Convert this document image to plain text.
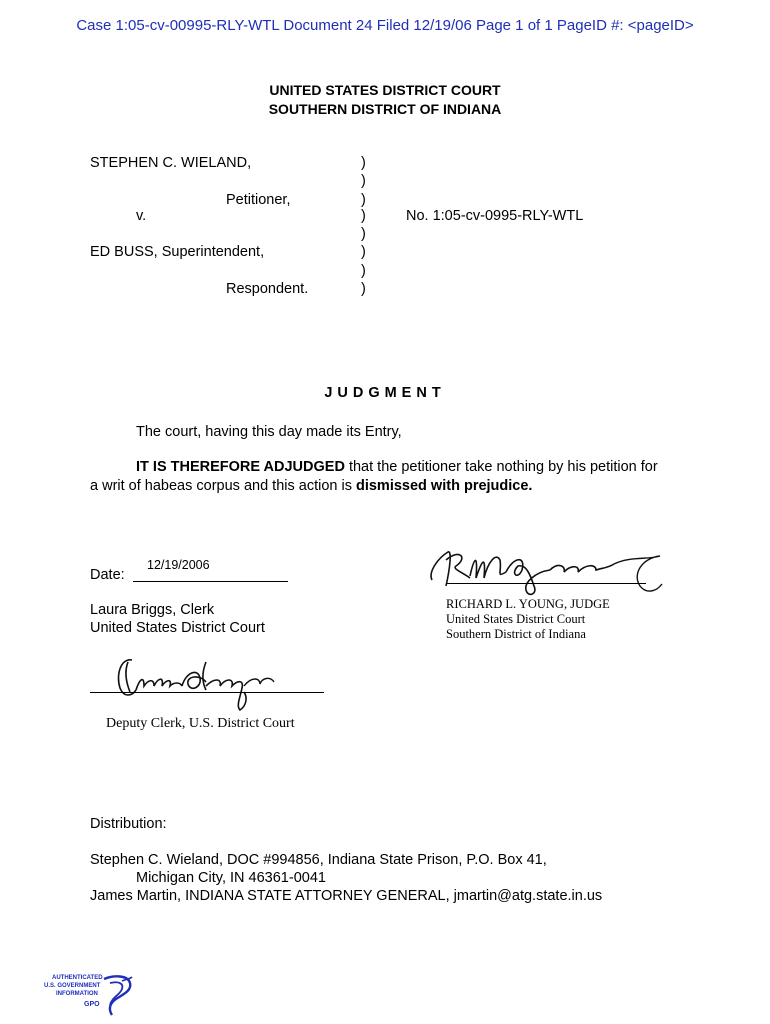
Case 1:05-cv-00995-RLY-WTL Document 24 Filed 12/19/06 Page 1 of 1 PageID #: <pageID>
UNITED STATES DISTRICT COURT
SOUTHERN DISTRICT OF INDIANA
STEPHEN C. WIELAND,
Petitioner,
v.
ED BUSS, Superintendent,
Respondent.
No. 1:05-cv-0995-RLY-WTL
)
)
)
)
)
)
)
)
JUDGMENT
The court, having this day made its Entry,
IT IS THEREFORE ADJUDGED that the petitioner take nothing by his petition for
a writ of habeas corpus and this action is dismissed with prejudice.
Date:
12/19/2006
RICHARD L. YOUNG, JUDGE
United States District Court
Southern District of Indiana
Laura Briggs, Clerk
United States District Court
Deputy Clerk, U.S. District Court
Distribution:
Stephen C. Wieland, DOC #994856, Indiana State Prison, P.O. Box 41,
Michigan City, IN 46361-0041
James Martin, INDIANA STATE ATTORNEY GENERAL, jmartin@atg.state.in.us
AUTHENTICATED
U.S. GOVERNMENT
INFORMATION
GPO
